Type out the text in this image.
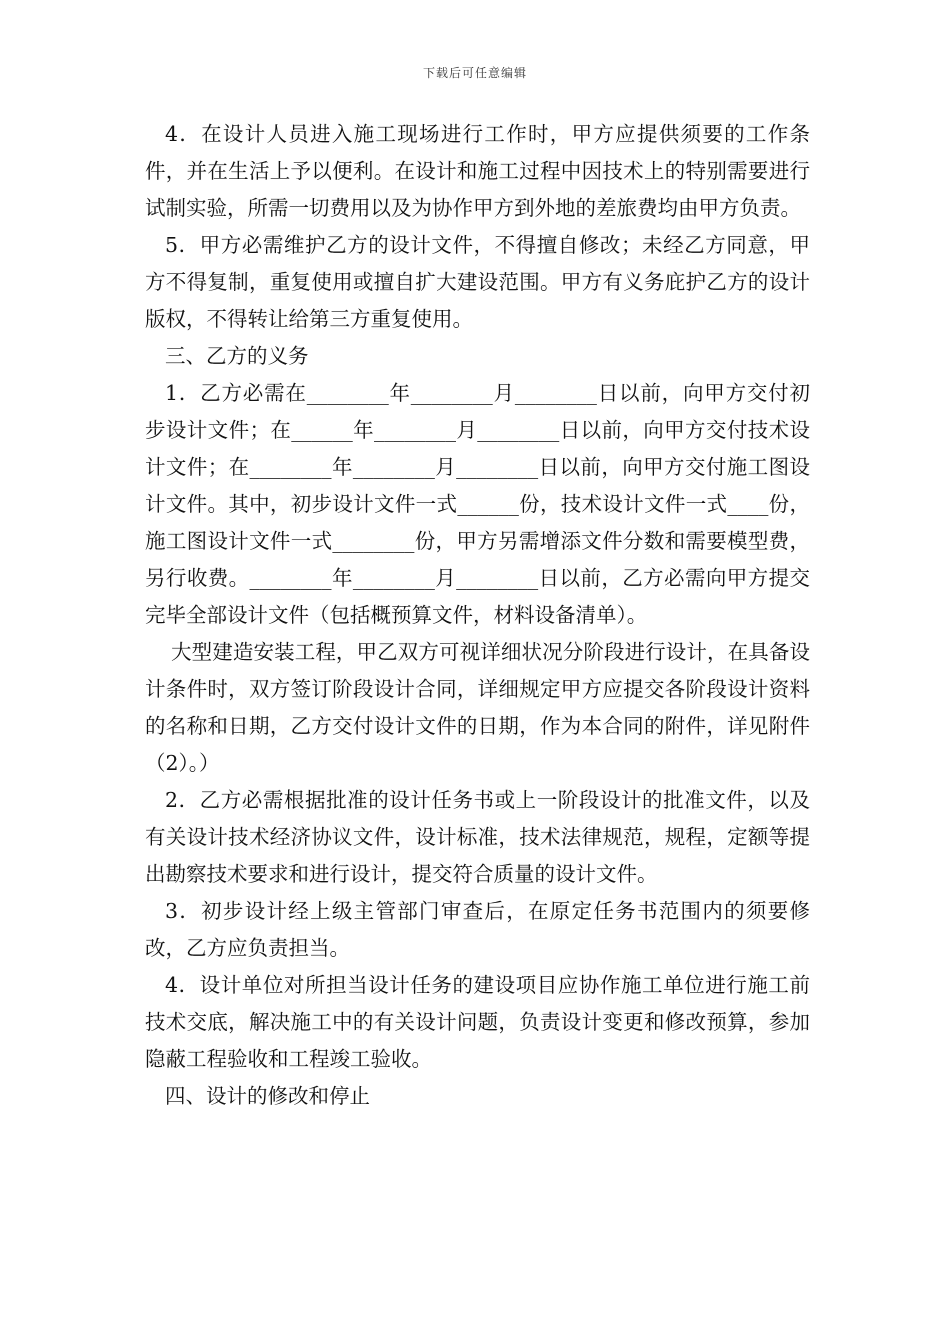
下载后可任意编辑

4．在设计人员进入施工现场进行工作时，甲方应提供须要的工作条件，并在生活上予以便利。在设计和施工过程中因技术上的特别需要进行试制实验，所需一切费用以及为协作甲方到外地的差旅费均由甲方负责。

5．甲方必需维护乙方的设计文件，不得擅自修改；未经乙方同意，甲方不得复制，重复使用或擅自扩大建设范围。甲方有义务庇护乙方的设计版权，不得转让给第三方重复使用。

三、乙方的义务

1．乙方必需在________年________月________日以前，向甲方交付初步设计文件；在______年________月________日以前，向甲方交付技术设计文件；在________年________月________日以前，向甲方交付施工图设计文件。其中，初步设计文件一式______份，技术设计文件一式____份，施工图设计文件一式________份，甲方另需增添文件分数和需要模型费，另行收费。________年________月________日以前，乙方必需向甲方提交完毕全部设计文件（包括概预算文件，材料设备清单）。

大型建造安装工程，甲乙双方可视详细状况分阶段进行设计，在具备设计条件时，双方签订阶段设计合同，详细规定甲方应提交各阶段设计资料的名称和日期，乙方交付设计文件的日期，作为本合同的附件，详见附件（2）。）

2．乙方必需根据批准的设计任务书或上一阶段设计的批准文件，以及有关设计技术经济协议文件，设计标准，技术法律规范，规程，定额等提出勘察技术要求和进行设计，提交符合质量的设计文件。

3．初步设计经上级主管部门审查后，在原定任务书范围内的须要修改，乙方应负责担当。

4．设计单位对所担当设计任务的建设项目应协作施工单位进行施工前技术交底，解决施工中的有关设计问题，负责设计变更和修改预算，参加隐蔽工程验收和工程竣工验收。

四、设计的修改和停止
